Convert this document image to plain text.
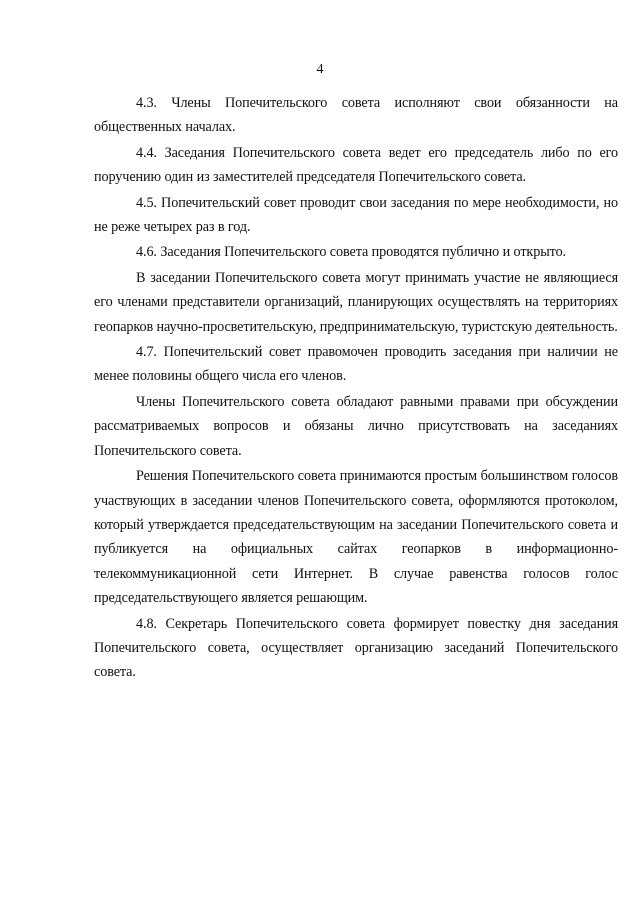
4

4.3. Члены Попечительского совета исполняют свои обязанности на общественных началах.

4.4. Заседания Попечительского совета ведет его председатель либо по его поручению один из заместителей председателя Попечительского совета.

4.5. Попечительский совет проводит свои заседания по мере необходимости, но не реже четырех раз в год.

4.6. Заседания Попечительского совета проводятся публично и открыто.

В заседании Попечительского совета могут принимать участие не являющиеся его членами представители организаций, планирующих осуществлять на территориях геопарков научно-просветительскую, предпринимательскую, туристскую деятельность.

4.7. Попечительский совет правомочен проводить заседания при наличии не менее половины общего числа его членов.

Члены Попечительского совета обладают равными правами при обсуждении рассматриваемых вопросов и обязаны лично присутствовать на заседаниях Попечительского совета.

Решения Попечительского совета принимаются простым большинством голосов участвующих в заседании членов Попечительского совета, оформляются протоколом, который утверждается председательствующим на заседании Попечительского совета и публикуется на официальных сайтах геопарков в информационно-телекоммуникационной сети Интернет. В случае равенства голосов голос председательствующего является решающим.

4.8. Секретарь Попечительского совета формирует повестку дня заседания Попечительского совета, осуществляет организацию заседаний Попечительского совета.
